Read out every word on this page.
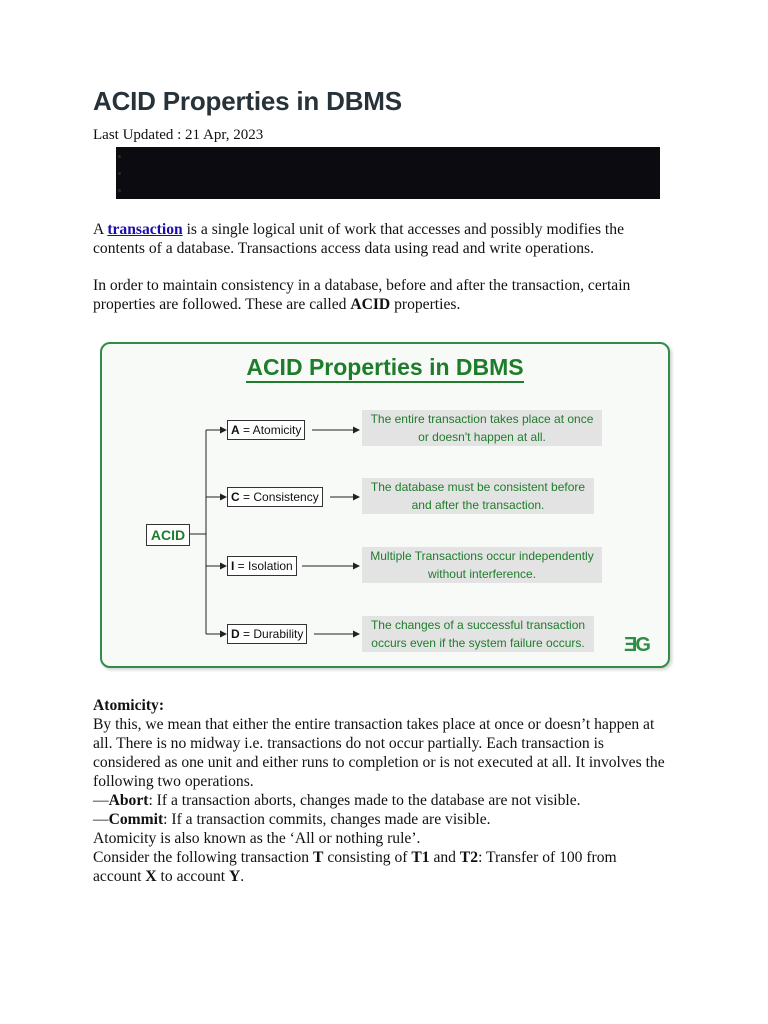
ACID Properties in DBMS
Last Updated : 21 Apr, 2023

A transaction is a single logical unit of work that accesses and possibly modifies the contents of a database. Transactions access data using read and write operations.

In order to maintain consistency in a database, before and after the transaction, certain properties are followed. These are called ACID properties.

ACID Properties in DBMS
ACID
A = Atomicity
C = Consistency
I = Isolation
D = Durability
The entire transaction takes place at once
or doesn't happen at all.
The database must be consistent before
and after the transaction.
Multiple Transactions occur independently
without interference.
The changes of a successful transaction
occurs even if the system failure occurs.	ƎG
Atomicity:

By this, we mean that either the entire transaction takes place at once or doesn’t happen at all. There is no midway i.e. transactions do not occur partially. Each transaction is considered as one unit and either runs to completion or is not executed at all. It involves the following two operations.

—Abort: If a transaction aborts, changes made to the database are not visible.

—Commit: If a transaction commits, changes made are visible.

Atomicity is also known as the ‘All or nothing rule’.

Consider the following transaction T consisting of T1 and T2: Transfer of 100 from account X to account Y.
